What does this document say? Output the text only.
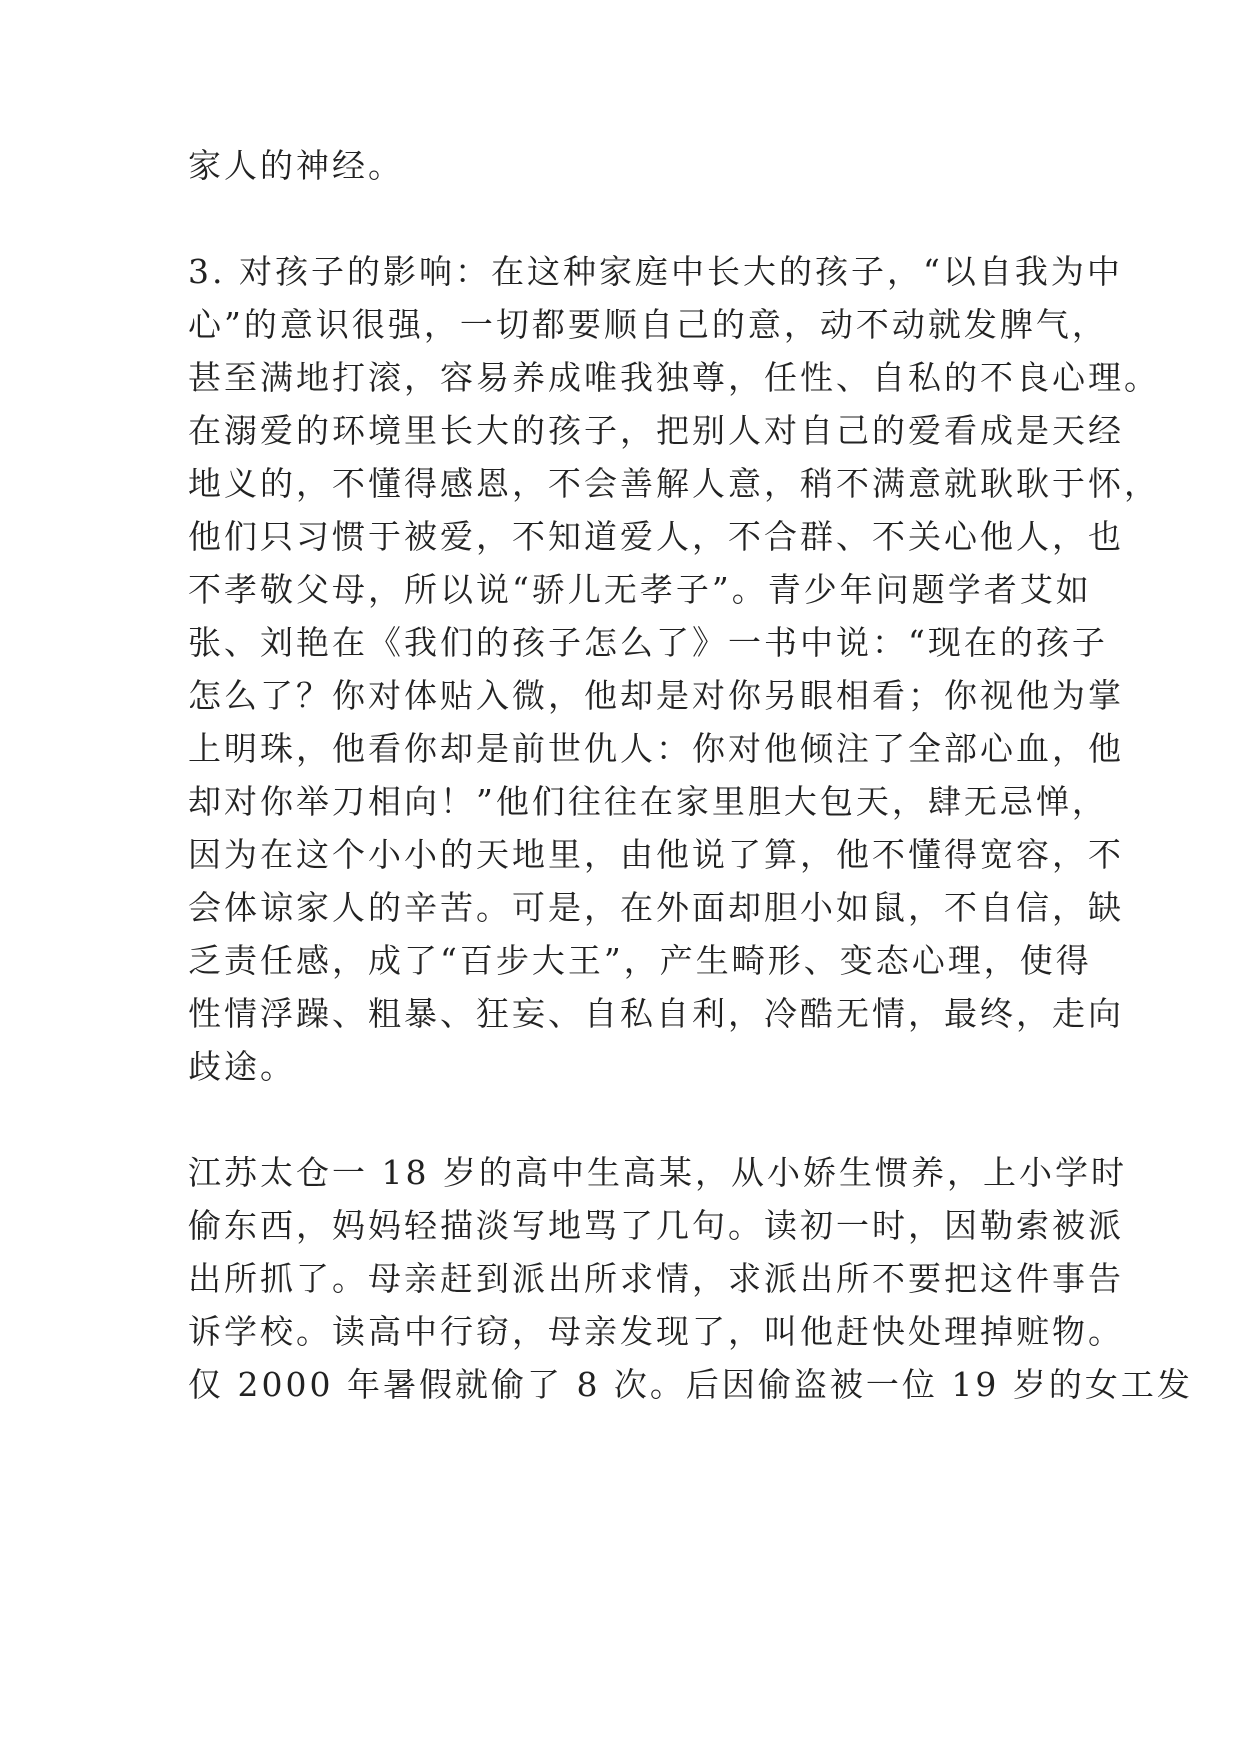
家人的神经。
3. 对孩子的影响：在这种家庭中长大的孩子，“以自我为中
心”的意识很强，一切都要顺自己的意，动不动就发脾气，
甚至满地打滚，容易养成唯我独尊，任性、自私的不良心理。
在溺爱的环境里长大的孩子，把别人对自己的爱看成是天经
地义的，不懂得感恩，不会善解人意，稍不满意就耿耿于怀，
他们只习惯于被爱，不知道爱人，不合群、不关心他人，也
不孝敬父母，所以说“骄儿无孝子”。青少年问题学者艾如
张、刘艳在《我们的孩子怎么了》一书中说：“现在的孩子
怎么了？你对体贴入微，他却是对你另眼相看；你视他为掌
上明珠，他看你却是前世仇人：你对他倾注了全部心血，他
却对你举刀相向！”他们往往在家里胆大包天，肆无忌惮，
因为在这个小小的天地里，由他说了算，他不懂得宽容，不
会体谅家人的辛苦。可是，在外面却胆小如鼠，不自信，缺
乏责任感，成了“百步大王”，产生畸形、变态心理，使得
性情浮躁、粗暴、狂妄、自私自利，冷酷无情，最终，走向
歧途。
江苏太仓一 18 岁的高中生高某，从小娇生惯养，上小学时
偷东西，妈妈轻描淡写地骂了几句。读初一时，因勒索被派
出所抓了。母亲赶到派出所求情，求派出所不要把这件事告
诉学校。读高中行窃，母亲发现了，叫他赶快处理掉赃物。
仅 2000 年暑假就偷了 8 次。后因偷盗被一位 19 岁的女工发
